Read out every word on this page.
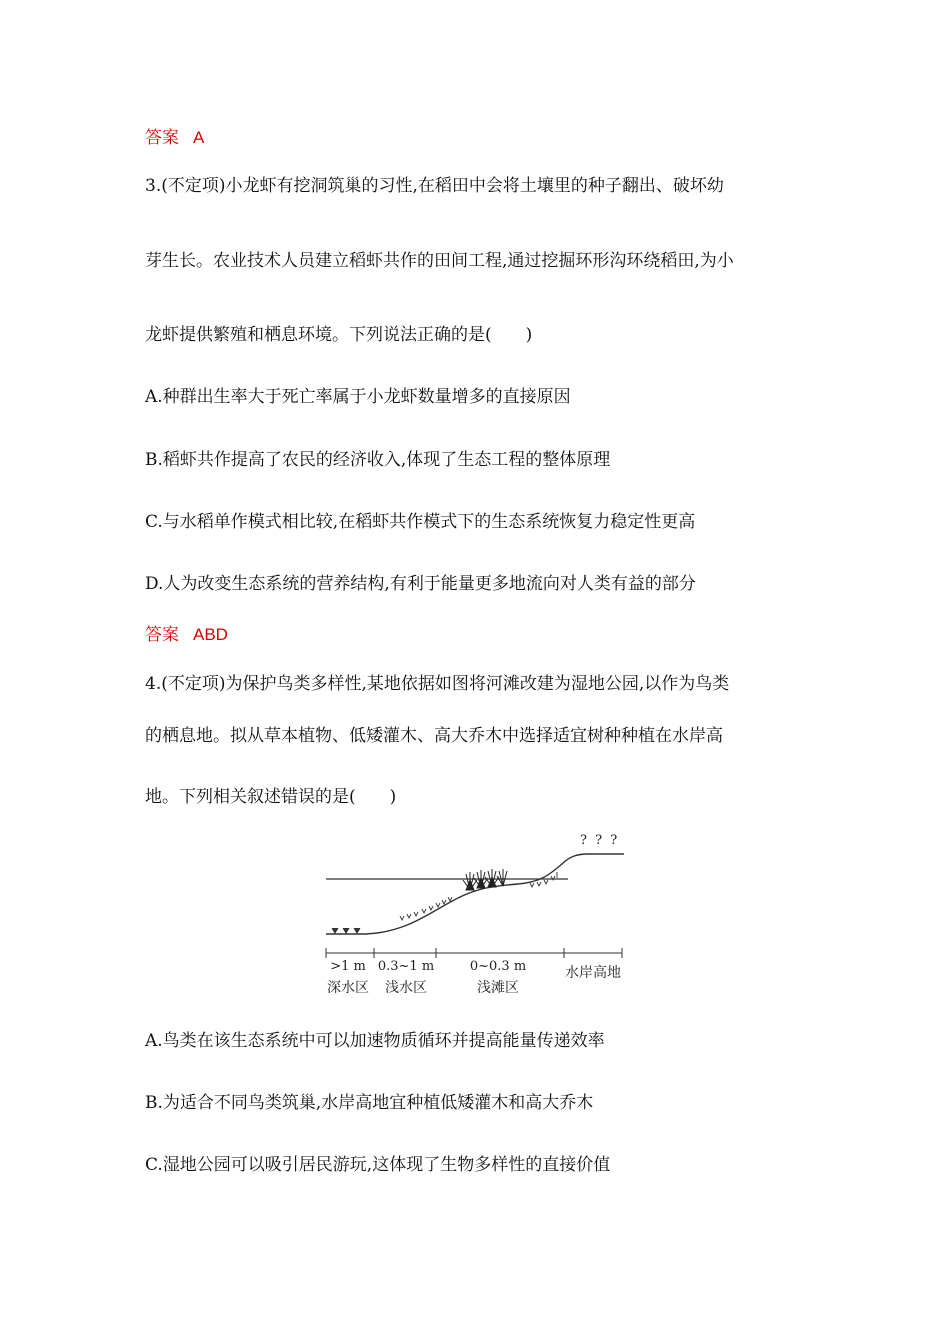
答案 A
3.(不定项)小龙虾有挖洞筑巢的习性,在稻田中会将土壤里的种子翻出、破坏幼
芽生长。农业技术人员建立稻虾共作的田间工程,通过挖掘环形沟环绕稻田,为小
龙虾提供繁殖和栖息环境。下列说法正确的是(　　)
A.种群出生率大于死亡率属于小龙虾数量增多的直接原因
B.稻虾共作提高了农民的经济收入,体现了生态工程的整体原理
C.与水稻单作模式相比较,在稻虾共作模式下的生态系统恢复力稳定性更高
D.人为改变生态系统的营养结构,有利于能量更多地流向对人类有益的部分
答案 ABD
4.(不定项)为保护鸟类多样性,某地依据如图将河滩改建为湿地公园,以作为鸟类
的栖息地。拟从草本植物、低矮灌木、高大乔木中选择适宜树种种植在水岸高
地。下列相关叙述错误的是(　　)
? ? ?
>1 m 0.3~1 m	0~0.3 m
深水区 浅水区	浅滩区
水岸高地
A.鸟类在该生态系统中可以加速物质循环并提高能量传递效率
B.为适合不同鸟类筑巢,水岸高地宜种植低矮灌木和高大乔木
C.湿地公园可以吸引居民游玩,这体现了生物多样性的直接价值
